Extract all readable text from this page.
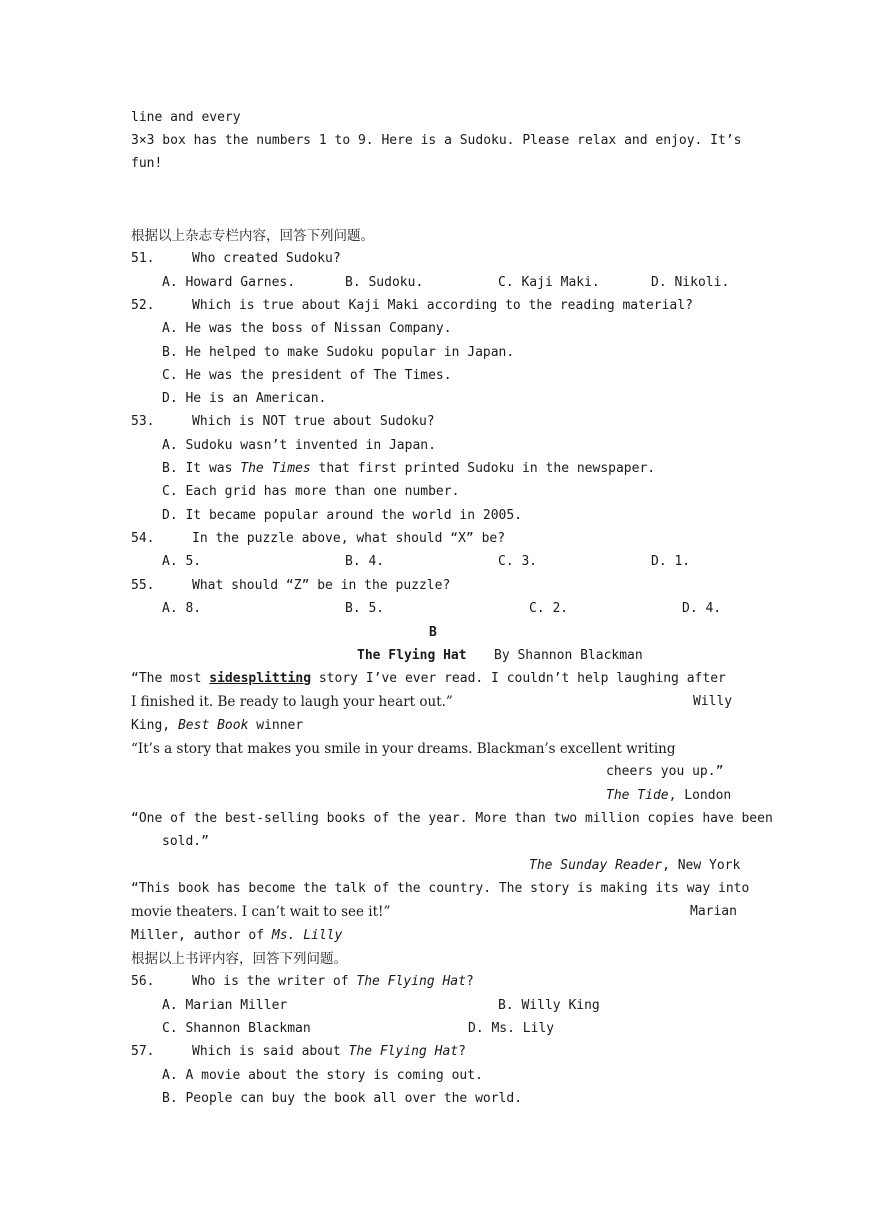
line and every
3×3 box has the numbers 1 to 9. Here is a Sudoku. Please relax and enjoy. It’s
fun!
根据以上杂志专栏内容，回答下列问题。
51.	Who created Sudoku?
A. Howard Garnes.	B. Sudoku.	C. Kaji Maki.	D. Nikoli.
52.	Which is true about Kaji Maki according to the reading material?
A. He was the boss of Nissan Company.
B. He helped to make Sudoku popular in Japan.
C. He was the president of The Times.
D. He is an American.
53.	Which is NOT true about Sudoku?
A. Sudoku wasn’t invented in Japan.
B. It was The Times that first printed Sudoku in the newspaper.
C. Each grid has more than one number.
D. It became popular around the world in 2005.
54.	In the puzzle above, what should “X” be?
A. 5.	B. 4.	C. 3.	D. 1.
55.	What should “Z” be in the puzzle?
A. 8.	B. 5.	C. 2.	D. 4.
B
The Flying Hat By Shannon Blackman
“The most sidesplitting story I’ve ever read. I couldn’t help laughing after
I finished it. Be ready to laugh your heart out.”	Willy
King, Best Book winner
“It’s a story that makes you smile in your dreams. Blackman’s excellent writing
cheers you up.”
The Tide, London
“One of the best-selling books of the year. More than two million copies have been
sold.”
The Sunday Reader, New York
“This book has become the talk of the country. The story is making its way into
movie theaters. I can’t wait to see it!”	Marian
Miller, author of Ms. Lilly
根据以上书评内容，回答下列问题。
56.	Who is the writer of The Flying Hat?
A. Marian Miller	B. Willy King
C. Shannon Blackman	D. Ms. Lily
57.	Which is said about The Flying Hat?
A. A movie about the story is coming out.
B. People can buy the book all over the world.
